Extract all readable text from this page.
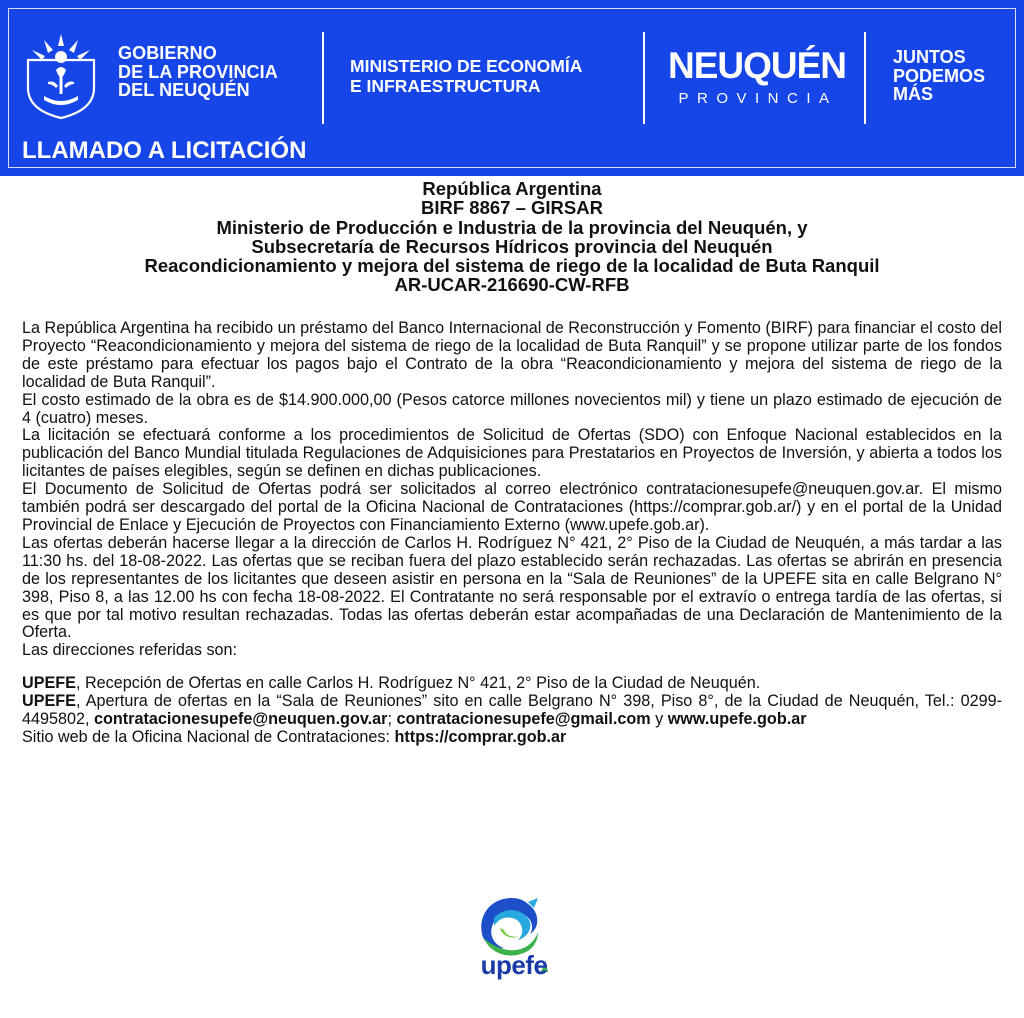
GOBIERNO
DE LA PROVINCIA
DEL NEUQUÉN
MINISTERIO DE ECONOMÍA
E INFRAESTRUCTURA	NEUQUÉN
PROVINCIA
JUNTOS
PODEMOS
MÁS
LLAMADO A LICITACIÓN
República Argentina
BIRF 8867 – GIRSAR
Ministerio de Producción e Industria de la provincia del Neuquén, y
Subsecretaría de Recursos Hídricos provincia del Neuquén
Reacondicionamiento y mejora del sistema de riego de la localidad de Buta Ranquil
AR-UCAR-216690-CW-RFB

La República Argentina ha recibido un préstamo del Banco Internacional de Reconstrucción y Fomento (BIRF) para financiar el costo del Proyecto “Reacondicionamiento y mejora del sistema de riego de la localidad de Buta Ranquil” y se propone utilizar parte de los fondos de este préstamo para efectuar los pagos bajo el Contrato de la obra “Reacondicionamiento y mejora del sistema de riego de la localidad de Buta Ranquil”.

El costo estimado de la obra es de $14.900.000,00 (Pesos catorce millones novecientos mil) y tiene un plazo estimado de ejecución de 4 (cuatro) meses.

La licitación se efectuará conforme a los procedimientos de Solicitud de Ofertas (SDO) con Enfoque Nacional establecidos en la publicación del Banco Mundial titulada Regulaciones de Adquisiciones para Prestatarios en Proyectos de Inversión, y abierta a todos los licitantes de países elegibles, según se definen en dichas publicaciones.

El Documento de Solicitud de Ofertas podrá ser solicitados al correo electrónico contratacionesupefe@neuquen.gov.ar. El mismo también podrá ser descargado del portal de la Oficina Nacional de Contrataciones (https://comprar.gob.ar/) y en el portal de la Unidad Provincial de Enlace y Ejecución de Proyectos con Financiamiento Externo (www.upefe.gob.ar).

Las ofertas deberán hacerse llegar a la dirección de Carlos H. Rodríguez N° 421, 2° Piso de la Ciudad de Neuquén, a más tardar a las 11:30 hs. del 18-08-2022. Las ofertas que se reciban fuera del plazo establecido serán rechazadas. Las ofertas se abrirán en presencia de los representantes de los licitantes que deseen asistir en persona en la “Sala de Reuniones” de la UPEFE sita en calle Belgrano N° 398, Piso 8, a las 12.00 hs con fecha 18-08-2022. El Contratante no será responsable por el extravío o entrega tardía de las ofertas, si es que por tal motivo resultan rechazadas. Todas las ofertas deberán estar acompañadas de una Declaración de Mantenimiento de la Oferta.

Las direcciones referidas son:

UPEFE, Recepción de Ofertas en calle Carlos H. Rodríguez N° 421, 2° Piso de la Ciudad de Neuquén.

UPEFE, Apertura de ofertas en la “Sala de Reuniones” sito en calle Belgrano N° 398, Piso 8°, de la Ciudad de Neuquén, Tel.: 0299-4495802, contratacionesupefe@neuquen.gov.ar; contratacionesupefe@gmail.com y www.upefe.gob.ar

Sitio web de la Oficina Nacional de Contrataciones: https://comprar.gob.ar

upefe
